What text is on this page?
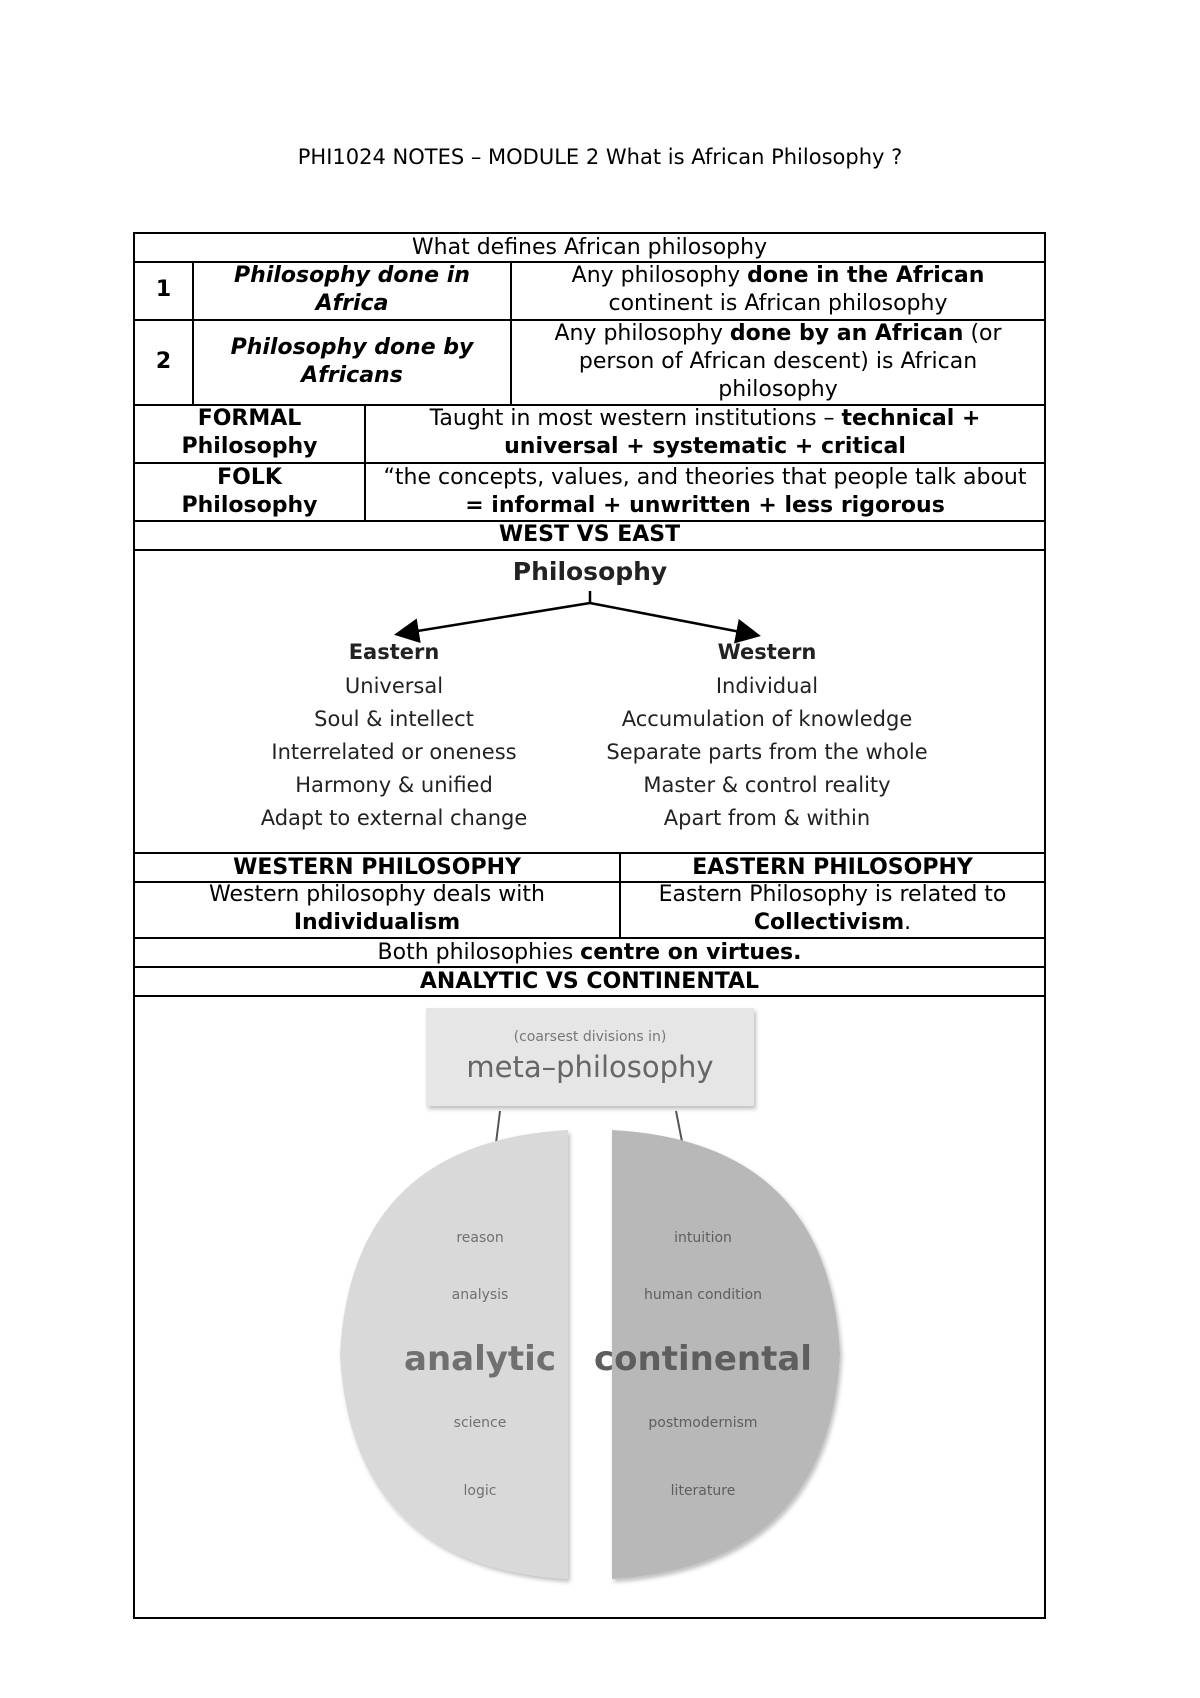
PHI1024 NOTES – MODULE 2 What is African Philosophy ?
What defines African philosophy
1
Philosophy done in Africa
Any philosophy done in the African continent is African philosophy
2
Philosophy done by Africans
Any philosophy done by an African (or person of African descent) is African philosophy
FORMAL
Philosophy
Taught in most western institutions – technical + universal + systematic + critical
FOLK
Philosophy
“the concepts, values, and theories that people talk about = informal + unwritten + less rigorous
WEST VS EAST
Philosophy
Eastern	Western
Universal
Soul & intellect
Interrelated or oneness
Harmony & unified
Adapt to external change
Individual
Accumulation of knowledge
Separate parts from the whole
Master & control reality
Apart from & within
WESTERN PHILOSOPHY	EASTERN PHILOSOPHY
Western philosophy deals with
Individualism
Eastern Philosophy is related to
Collectivism.
Both philosophies centre on virtues.
ANALYTIC VS CONTINENTAL
(coarsest divisions in)
meta–philosophy
reason
analysis
science
logic
analytic
intuition
human condition
postmodernism
literature
continental
